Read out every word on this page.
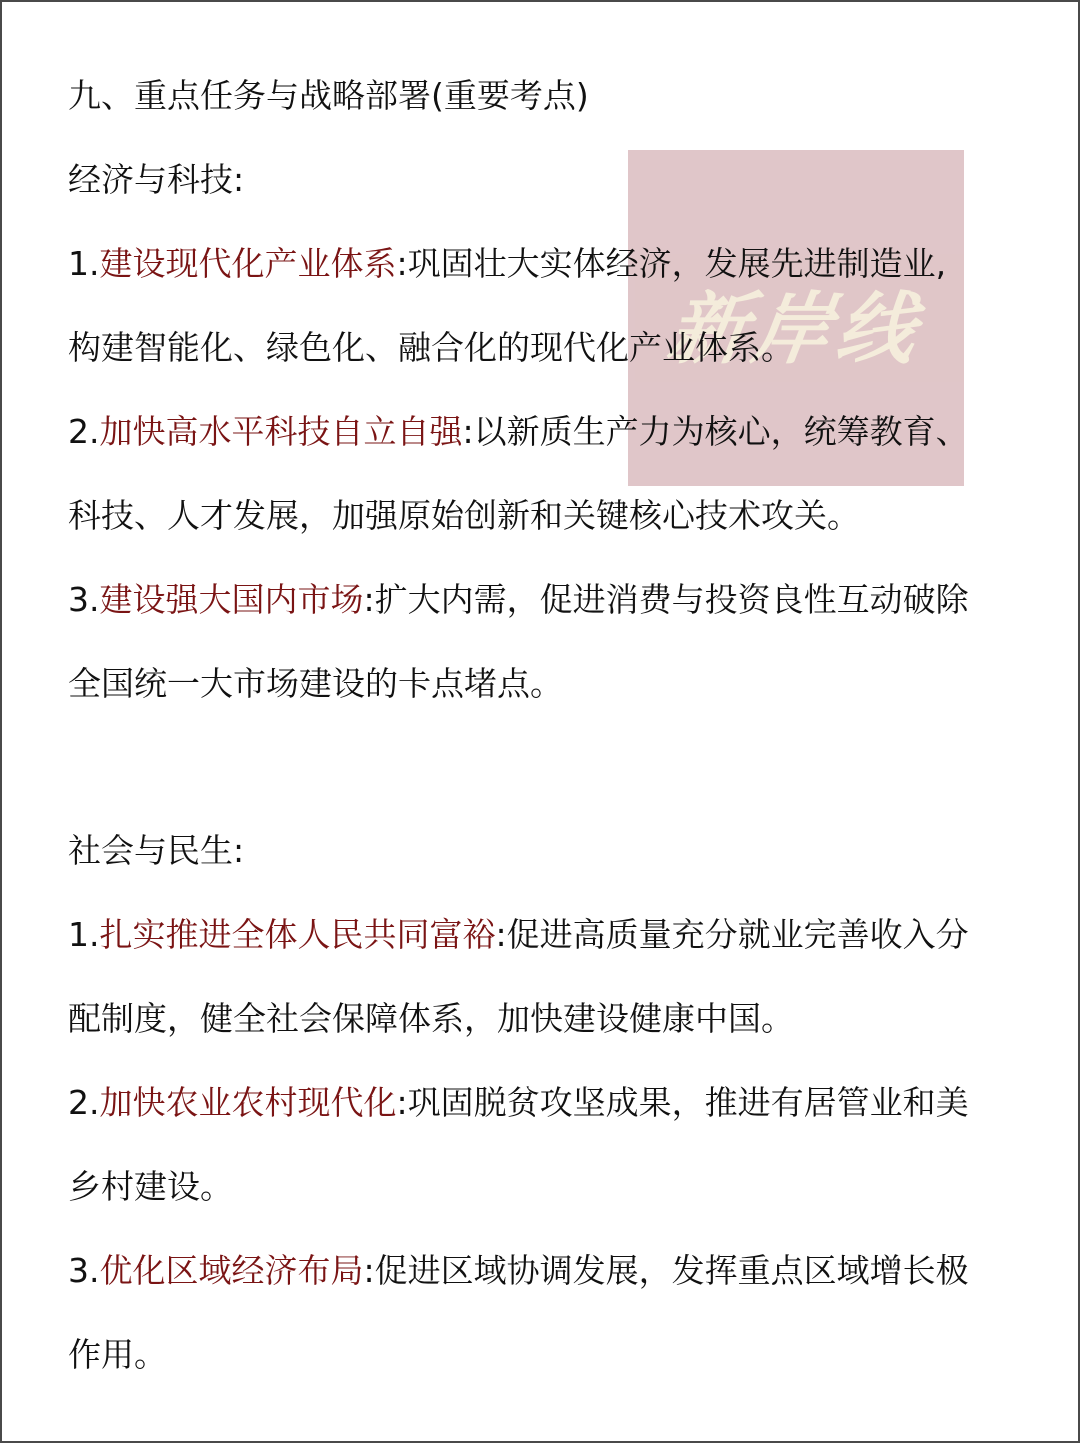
新岸线
九、重点任务与战略部署(重要考点)
经济与科技:
1.建设现代化产业体系:巩固壮大实体经济，发展先进制造业,
构建智能化、绿色化、融合化的现代化产业体系。
2.加快高水平科技自立自强:以新质生产力为核心，统筹教育、
科技、人才发展，加强原始创新和关键核心技术攻关。
3.建设强大国内市场:扩大内需，促进消费与投资良性互动破除
全国统一大市场建设的卡点堵点。
社会与民生:
1.扎实推进全体人民共同富裕:促进高质量充分就业完善收入分
配制度，健全社会保障体系，加快建设健康中国。
2.加快农业农村现代化:巩固脱贫攻坚成果，推进有居管业和美
乡村建设。
3.优化区域经济布局:促进区域协调发展，发挥重点区域增长极
作用。
